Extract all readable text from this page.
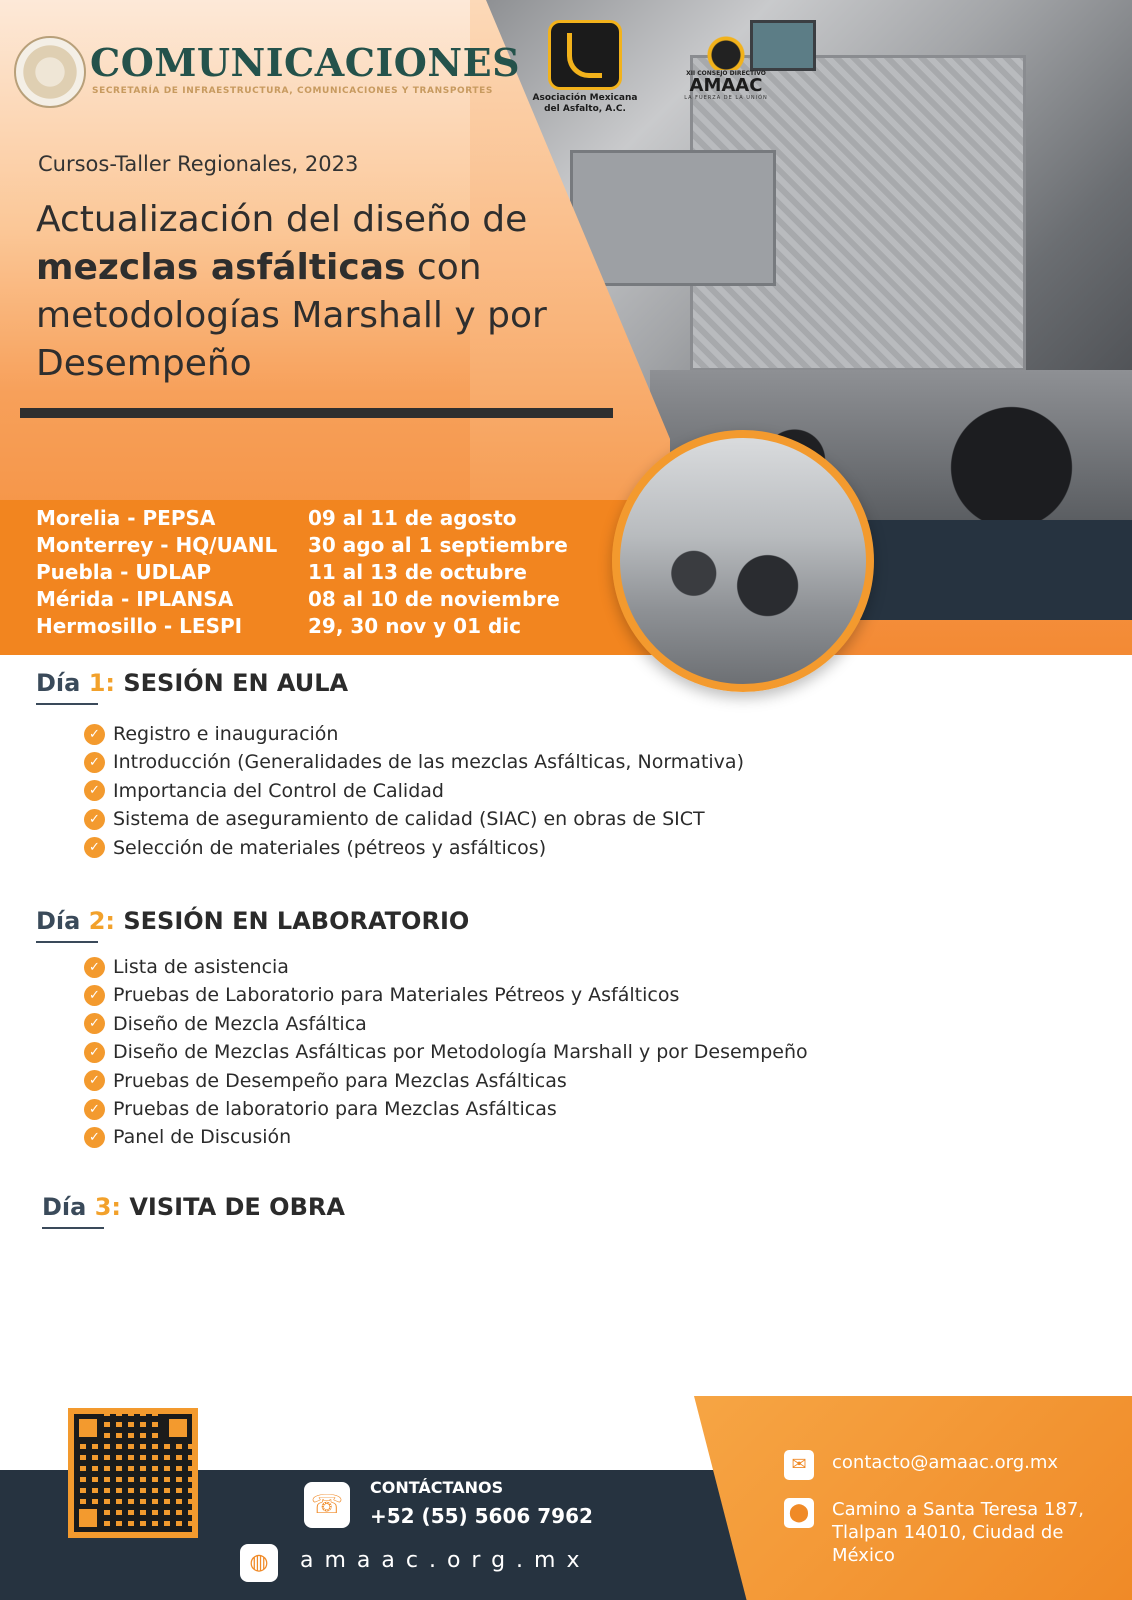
COMUNICACIONES
SECRETARÍA DE INFRAESTRUCTURA, COMUNICACIONES Y TRANSPORTES
Asociación Mexicana del Asfalto, A.C.
XII CONSEJO DIRECTIVO
AMAAC
LA FUERZA DE LA UNIÓN
Cursos-Taller Regionales, 2023
Actualización del diseño de mezclas asfálticas con metodologías Marshall y por Desempeño
Morelia - PEPSA	09 al 11 de agosto
Monterrey - HQ/UANL 30 ago al 1 septiembre
Puebla - UDLAP	11 al 13 de octubre
Mérida - IPLANSA	08 al 10 de noviembre
Hermosillo - LESPI	29, 30 nov y 01 dic
Día 1: SESIÓN EN AULA
✓ Registro e inauguración
✓ Introducción (Generalidades de las mezclas Asfálticas, Normativa)
✓ Importancia del Control de Calidad
✓ Sistema de aseguramiento de calidad (SIAC) en obras de SICT
✓ Selección de materiales (pétreos y asfálticos)
Día 2: SESIÓN EN LABORATORIO
✓ Lista de asistencia
✓ Pruebas de Laboratorio para Materiales Pétreos y Asfálticos
✓ Diseño de Mezcla Asfáltica
✓ Diseño de Mezclas Asfálticas por Metodología Marshall y por Desempeño
✓ Pruebas de Desempeño para Mezclas Asfálticas
✓ Pruebas de laboratorio para Mezclas Asfálticas
✓ Panel de Discusión
Día 3: VISITA DE OBRA
☏
CONTÁCTANOS
+52 (55) 5606 7962
◍	amaac.org.mx
✉	contacto@amaac.org.mx
⬤ Camino a Santa Teresa 187, Tlalpan 14010, Ciudad de México
